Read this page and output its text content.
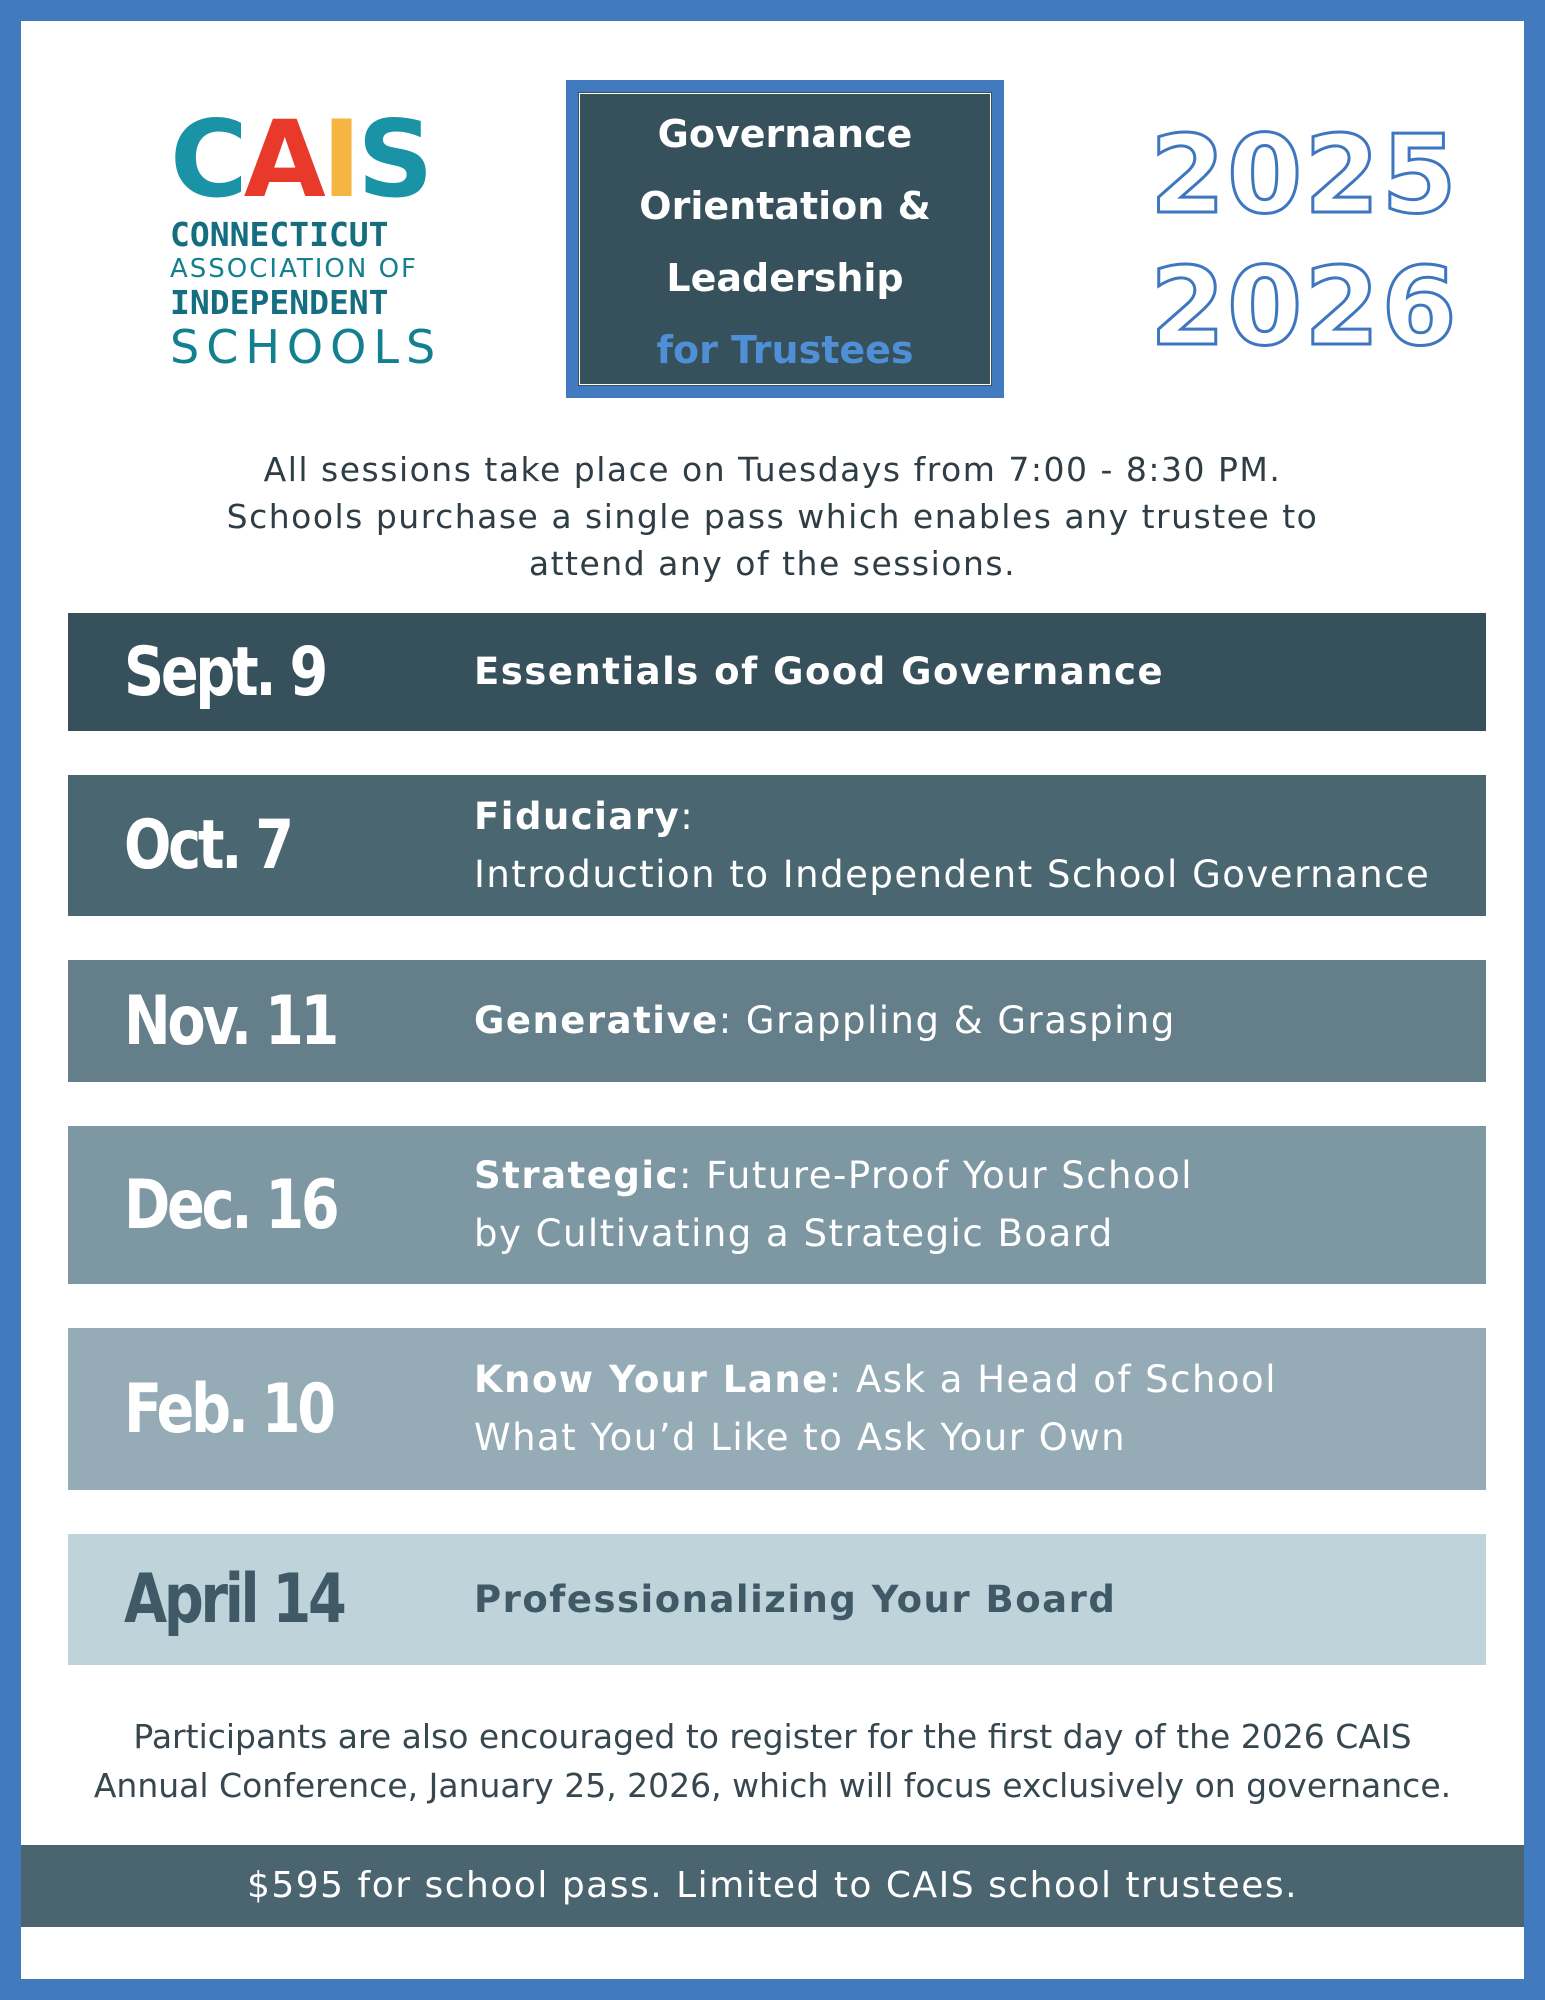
CAIS
CONNECTICUT
ASSOCIATION OF
INDEPENDENT
SCHOOLS
Governance
Orientation &
Leadership
for Trustees
2025
2026

All sessions take place on Tuesdays from 7:00 - 8:30 PM.

Schools purchase a single pass which enables any trustee to

attend any of the sessions.

Sept. 9	Essentials of Good Governance
Oct. 7	Fiduciary:
Introduction to Independent School Governance
Nov. 11	Generative: Grappling & Grasping
Dec. 16	Strategic: Future-Proof Your School
by Cultivating a Strategic Board
Feb. 10	Know Your Lane: Ask a Head of School
What You’d Like to Ask Your Own
April 14	Professionalizing Your Board

Participants are also encouraged to register for the first day of the 2026 CAIS

Annual Conference, January 25, 2026, which will focus exclusively on governance.

$595 for school pass. Limited to CAIS school trustees.
